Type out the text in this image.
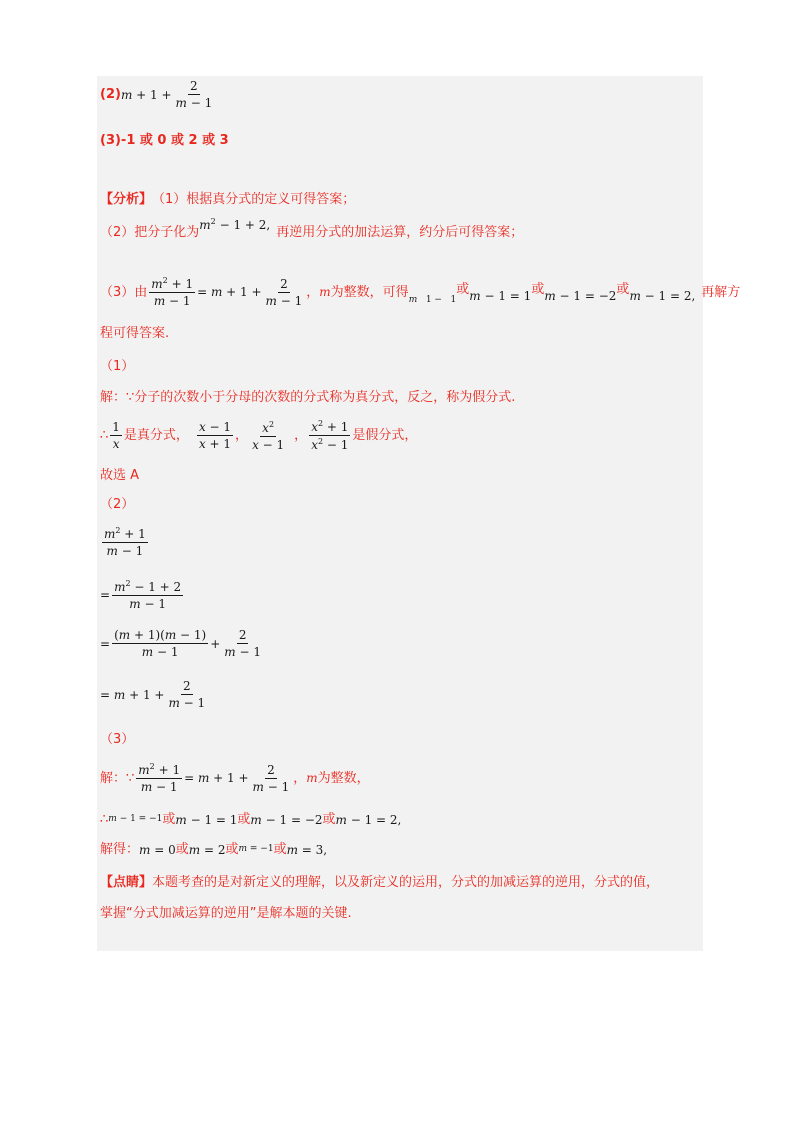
(2) $m + 1 + \frac{2}{m - 1}$
(3)-1 或 0 或 2 或 3
【分析】 （1）根据真分式的定义可得答案；
（2）把分子化为 $m^2 - 1 + 2$, 再逆用分式的加法运算，约分后可得答案；
（3）由 $\frac{m^2 + 1}{m - 1} = m + 1 + \frac{2}{m - 1}$ ， m 为整数，可得 m   1 −   1
或 m − 1 = 1 或 m − 1 = −2 或 m − 1 = 2, 再解方
程可得答案.
（1）
解：∵分子的次数小于分母的次数的分式称为真分式，反之，称为假分式.
∴ $\frac{1}{x}$ 是真分式， $\frac{x - 1}{x + 1}$ ， $\frac{x^2}{x - 1}$ ， $\frac{x^2 + 1}{x^2 - 1}$ 是假分式，
故选 A
（2）
$\frac{m^2 + 1}{m - 1}$
= $\frac{m^2 - 1 + 2}{m - 1}$
= $\frac{(m + 1)(m - 1)}{m - 1} + \frac{2}{m - 1}$
= $m + 1 + \frac{2}{m - 1}$
（3）
解：∵ $\frac{m^2 + 1}{m - 1} = m + 1 + \frac{2}{m - 1}$ ， m 为整数，
∴ m − 1 = −1 或 m − 1 = 1 或 m − 1 = −2 或 m − 1 = 2,
解得： m = 0 或 m = 2 或 m = −1 或 m = 3,
【点睛】 本题考查的是对新定义的理解，以及新定义的运用，分式的加减运算的逆用，分式的值，
掌握“分式加减运算的逆用”是解本题的关键.
